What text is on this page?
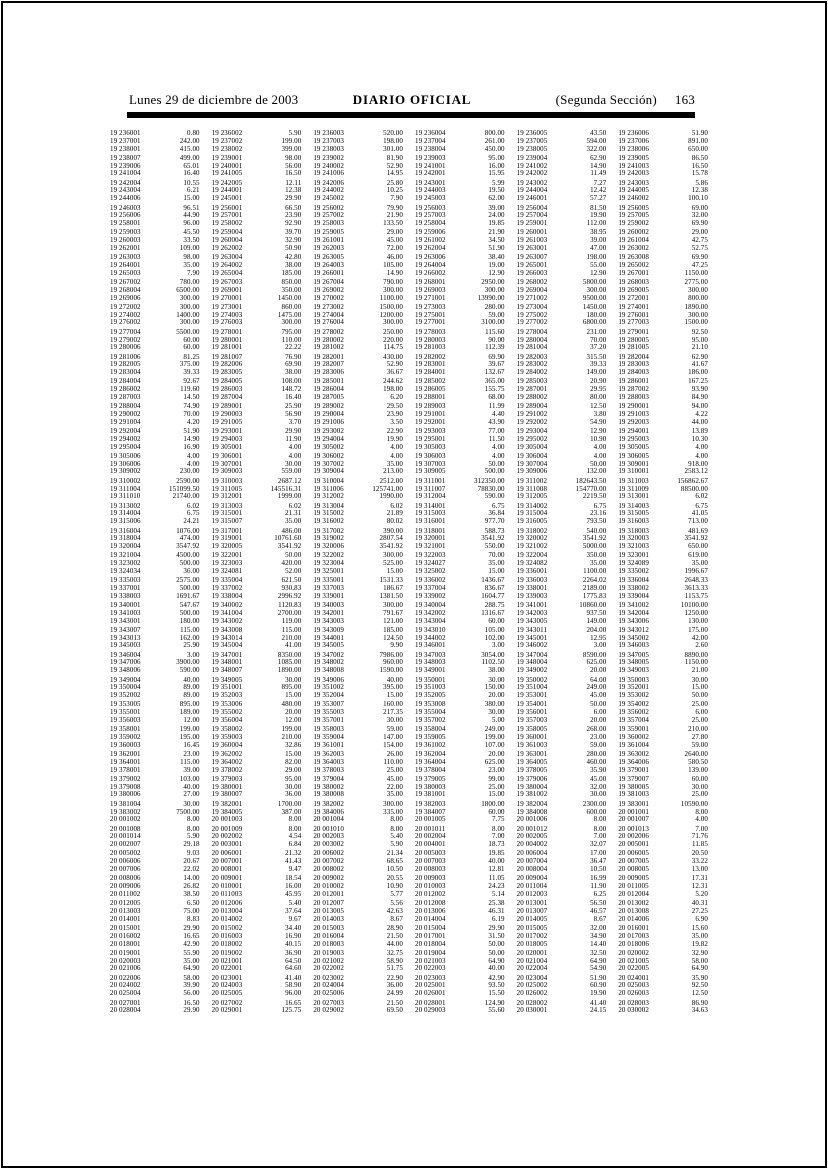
Lunes 29 de diciembre de 2003	DIARIO OFICIAL	(Segunda Sección) 163
19 236001	0.80
19 237001	242.00
19 238001	415.00
19 238007	499.00
19 239006	65.01
19 241004	16.40
19 242004	10.55
19 243004	6.21
19 244006	15.00
19 246003	96.51
19 256006	44.90
19 258001	96.00
19 259003	45.50
19 260003	33.50
19 262001	109.00
19 263003	98.00
19 264001	35.00
19 265003	7.90
19 267002	780.00
19 268004	6500.00
19 269006	300.00
19 272002	300.00
19 274002	1400.00
19 276002	300.00
19 277004	5500.00
19 279002	60.00
19 280006	60.00
19 281006	81.25
19 282005	375.00
19 283004	39.33
19 284004	92.67
19 286002	119.60
19 287003	14.50
19 288004	74.90
19 290002	70.00
19 291004	4.20
19 292004	51.90
19 294002	14.90
19 295004	16.90
19 305006	4.00
19 306006	4.00
19 309002	230.00
19 310002	2590.00
19 311004	151099.50
19 311010	21740.00
19 313002	6.02
19 314004	6.75
19 315006	24.21
19 316004	1076.00
19 318004	474.00
19 320004	3547.92
19 321004	4500.00
19 323002	500.00
19 324034	36.00
19 335003	2575.00
19 337001	500.00
19 338003	1691.67
19 340001	547.67
19 341003	500.00
19 343001	180.00
19 343007	115.00
19 343013	162.00
19 345003	25.90
19 346004	3.00
19 347006	3900.00
19 348006	590.00
19 349004	40.00
19 350004	89.00
19 352002	89.00
19 353005	895.00
19 355001	189.00
19 356003	12.00
19 358001	199.00
19 359002	195.00
19 360003	16.45
19 362001	23.00
19 364001	115.00
19 378001	39.00
19 379002	103.00
19 379008	40.00
19 380006	27.00
19 381004	30.00
19 383002	7500.00
20 001002	8.00
20 001008	8.00
20 001014	5.90
20 002007	29.18
20 005002	9.03
20 006006	20.67
20 007006	22.02
20 008006	14.00
20 009006	26.82
20 011002	38.50
20 012005	6.50
20 013003	75.00
20 014001	8.83
20 015001	29.90
20 016002	16.65
20 018001	42.90
20 019001	55.90
20 020003	35.00
20 021006	64.90
20 022006	58.00
20 024002	39.90
20 025004	56.00
20 027001	16.50
20 028004	29.90
19 236002	5.90
19 237002	199.00
19 238002	399.00
19 239001	98.00
19 240001	56.00
19 241005	16.50
19 242005	12.11
19 244001	12.38
19 245001	29.90
19 256001	66.50
19 257001	23.90
19 258002	92.90
19 259004	39.70
19 260004	32.90
19 262002	50.90
19 263004	42.80
19 264002	38.00
19 265004	185.00
19 267003	850.00
19 269001	350.00
19 270001	1450.00
19 273001	860.00
19 274003	1475.00
19 276003	300.00
19 278001	795.00
19 280001	110.00
19 281001	22.22
19 281007	76.90
19 282006	69.90
19 283005	38.00
19 284005	108.00
19 286003	148.72
19 287004	16.40
19 289001	25.90
19 290003	56.90
19 291005	3.70
19 293001	29.90
19 294003	11.90
19 305001	4.00
19 306001	4.00
19 307001	30.00
19 309003	559.00
19 310003	2687.12
19 311005	145516.31
19 312001	1999.00
19 313003	6.02
19 315001	21.31
19 315007	35.00
19 317001	486.00
19 319001	10761.60
19 320005	3541.92
19 322001	50.00
19 323003	420.00
19 324081	52.00
19 335004	621.50
19 337002	930.83
19 338004	2996.92
19 340002	1120.83
19 341004	2700.00
19 343002	119.00
19 343008	115.00
19 343014	210.00
19 345004	41.00
19 347001	8350.00
19 348001	1085.00
19 348007	1890.00
19 349005	30.00
19 351001	895.00
19 352003	15.00
19 353006	480.00
19 355002	20.00
19 356004	12.00
19 358002	199.00
19 359003	210.00
19 360004	32.86
19 362002	15.00
19 364002	82.00
19 378002	29.00
19 379003	95.00
19 380001	30.00
19 380007	36.00
19 382001	1700.00
19 384005	387.00
20 001003	8.00
20 001009	8.00
20 002002	4.54
20 003001	6.84
20 006001	21.32
20 007001	41.43
20 008001	9.47
20 009001	18.54
20 010001	16.00
20 011003	45.95
20 012006	5.40
20 013004	37.64
20 014002	9.67
20 015002	34.40
20 016003	16.90
20 018002	40.15
20 019002	36.90
20 021001	64.50
20 022001	64.60
20 023001	41.40
20 024003	58.90
20 025005	96.00
20 027002	16.65
20 029001	125.75
19 236003	520.00
19 237003	198.00
19 238003	301.00
19 239002	81.90
19 240002	52.90
19 241006	14.95
19 242006	25.80
19 244002	10.25
19 245002	7.90
19 256002	79.90
19 257002	21.90
19 258003	133.50
19 259005	29.00
19 261001	45.00
19 262003	72.00
19 263005	46.00
19 264003	105.00
19 266001	14.90
19 267004	790.00
19 269002	300.00
19 270002	1100.00
19 273002	1500.00
19 274004	1200.00
19 276004	300.00
19 278002	250.00
19 280002	220.00
19 281002	114.75
19 282001	430.00
19 282007	52.90
19 283006	36.67
19 285001	244.62
19 286004	198.00
19 287005	6.20
19 289002	29.50
19 290004	23.90
19 291006	3.50
19 293002	22.90
19 294004	19.90
19 305002	4.00
19 306002	4.00
19 307002	35.00
19 309004	213.00
19 310004	2512.00
19 311006	125741.00
19 312002	1990.00
19 313004	6.02
19 315002	21.89
19 316002	80.02
19 317002	390.00
19 319002	2807.54
19 320006	3541.92
19 322002	300.00
19 323004	525.00
19 325001	15.00
19 335001	1531.33
19 337003	186.67
19 339001	1381.50
19 340003	300.00
19 342001	791.67
19 343003	121.00
19 343009	185.00
19 344001	124.50
19 345005	9.90
19 347002	7986.00
19 348002	960.00
19 348008	1590.00
19 349006	40.00
19 351002	395.00
19 352004	15.00
19 353007	160.00
19 355003	217.35
19 357001	30.00
19 358003	59.00
19 359004	147.00
19 361001	154.00
19 362003	26.00
19 364003	110.00
19 378003	25.00
19 379004	45.00
19 380002	22.00
19 380008	35.00
19 382002	300.00
19 384006	335.00
20 001004	8.00
20 001010	8.00
20 002003	5.40
20 003002	5.90
20 006002	21.34
20 007002	68.65
20 008002	10.50
20 009002	20.55
20 010002	10.90
20 012001	5.77
20 012007	5.56
20 013005	42.63
20 014003	8.67
20 015003	28.90
20 016004	21.50
20 018003	44.00
20 019003	32.75
20 021002	58.90
20 022002	51.75
20 023002	22.90
20 024004	36.00
20 025006	24.99
20 027003	21.50
20 029002	69.50
19 236004	800.00
19 237004	261.00
19 238004	450.00
19 239003	95.00
19 241001	16.00
19 242001	15.95
19 243001	5.99
19 244003	19.50
19 245003	62.00
19 256003	39.00
19 257003	24.00
19 258004	19.85
19 259006	21.90
19 261002	34.50
19 262004	51.90
19 263006	38.40
19 264004	19.00
19 266002	12.90
19 268001	2950.00
19 269003	300.00
19 271001	13990.00
19 273003	280.00
19 275001	59.00
19 277001	3100.00
19 278003	115.60
19 280003	90.00
19 281003	112.39
19 282002	69.90
19 283001	39.67
19 284001	132.67
19 285002	365.00
19 286005	155.75
19 288001	68.00
19 289003	11.99
19 291001	4.40
19 292001	43.90
19 293003	77.00
19 295001	11.50
19 305003	4.00
19 306003	4.00
19 307003	50.00
19 309005	500.00
19 311001	312350.00
19 311007	78830.00
19 312004	590.00
19 314001	6.75
19 315003	36.84
19 316001	977.70
19 318001	588.73
19 320001	3541.92
19 321001	550.00
19 322003	70.00
19 324027	35.00
19 325002	15.00
19 336002	1436.67
19 337004	836.67
19 339002	1604.77
19 340004	288.75
19 342002	1316.67
19 343004	60.00
19 343010	105.00
19 344002	102.00
19 346001	3.00
19 347003	3054.00
19 348003	1102.50
19 349001	38.00
19 350001	30.00
19 351003	150.00
19 352005	20.00
19 353008	380.00
19 355004	30.00
19 357002	5.00
19 358004	249.00
19 359005	199.00
19 361002	107.00
19 362004	20.00
19 364004	625.00
19 378004	23.00
19 379005	99.00
19 380003	25.00
19 381001	15.00
19 382003	1800.00
19 384007	60.00
20 001005	7.75
20 001011	8.00
20 002004	7.00
20 004001	18.73
20 005003	19.85
20 007003	40.00
20 008003	12.81
20 009003	11.05
20 010003	24.23
20 012002	5.14
20 012008	25.38
20 013006	46.31
20 014004	6.19
20 015004	29.90
20 017001	31.50
20 018004	50.00
20 019004	50.00
20 021003	64.90
20 022003	40.00
20 023003	42.90
20 025001	93.50
20 026001	15.50
20 028001	124.90
20 029003	55.60
19 236005	43.50
19 237005	594.00
19 238005	322.00
19 239004	62.90
19 241002	14.90
19 242002	11.49
19 243002	7.27
19 244004	12.42
19 246001	57.27
19 256004	81.50
19 257004	19.90
19 259001	112.00
19 260001	38.95
19 261003	39.00
19 263001	47.00
19 263007	198.00
19 265001	55.00
19 266003	12.90
19 268002	5800.00
19 269004	300.00
19 271002	9500.00
19 273004	1450.00
19 275002	180.00
19 277002	6800.00
19 278004	231.00
19 280004	70.00
19 281004	37.20
19 282003	315.50
19 283002	39.33
19 284002	149.00
19 285003	20.90
19 287001	29.95
19 288002	80.00
19 289004	12.50
19 291002	3.80
19 292002	54.90
19 293004	12.90
19 295002	10.90
19 305004	4.00
19 306004	4.00
19 307004	50.00
19 309006	132.00
19 311002	182643.50
19 311008	154770.00
19 312005	2219.50
19 314002	6.75
19 315004	23.16
19 316005	793.50
19 318002	540.00
19 320002	3541.92
19 321002	5000.00
19 322004	350.00
19 324082	35.00
19 336001	1100.00
19 336003	2264.02
19 338001	2189.00
19 339003	1775.83
19 341001	10860.00
19 342003	937.50
19 343005	149.00
19 343011	204.00
19 345001	12.95
19 346002	3.00
19 347004	8590.00
19 348004	625.00
19 349002	20.00
19 350002	64.00
19 351004	249.00
19 353001	45.00
19 354001	50.00
19 356001	6.00
19 357003	20.00
19 358005	268.00
19 360001	23.00
19 361003	59.00
19 363001	280.00
19 364005	460.00
19 378005	35.90
19 379006	45.00
19 380004	32.00
19 381002	30.00
19 382004	2300.00
19 384008	600.00
20 001006	8.00
20 001012	8.00
20 002005	7.00
20 004002	32.07
20 006004	17.00
20 007004	36.47
20 008004	10.50
20 009004	16.99
20 011004	11.90
20 012003	6.25
20 013001	56.50
20 013007	46.57
20 014005	8.67
20 015005	32.00
20 017002	34.90
20 018005	14.40
20 020001	32.50
20 021004	64.90
20 022004	54.90
20 023004	51.90
20 025002	60.90
20 026002	19.90
20 028002	41.40
20 030001	24.15
19 236006	51.90
19 237006	891.00
19 238006	650.00
19 239005	86.50
19 241003	16.50
19 242003	15.78
19 243003	5.86
19 244005	12.38
19 246002	100.10
19 256005	69.00
19 257005	32.00
19 259002	69.90
19 260002	29.00
19 261004	42.75
19 263002	52.75
19 263008	69.90
19 265002	47.25
19 267001	1150.00
19 268003	2775.00
19 269005	300.00
19 272001	800.00
19 274001	1890.00
19 276001	300.00
19 277003	1500.00
19 279001	92.50
19 280005	95.00
19 281005	21.10
19 282004	62.90
19 283003	41.67
19 284003	186.00
19 286001	167.25
19 287002	93.90
19 288003	84.90
19 290001	94.00
19 291003	4.22
19 292003	44.00
19 294001	13.89
19 295003	10.30
19 305005	4.00
19 306005	4.00
19 309001	918.00
19 310001	2583.12
19 311003	156862.67
19 311009	88500.00
19 313001	6.02
19 314003	6.75
19 315005	41.05
19 316003	713.00
19 318003	481.69
19 320003	3541.92
19 321003	650.00
19 323001	619.00
19 324089	35.00
19 335002	1996.67
19 336004	2648.33
19 338002	3613.33
19 339004	1153.75
19 341002	10100.00
19 342004	1250.00
19 343006	130.00
19 343012	175.00
19 345002	42.00
19 346003	2.60
19 347005	8890.00
19 348005	1150.00
19 349003	21.00
19 350003	30.00
19 352001	15.00
19 353002	50.00
19 354002	25.00
19 356002	6.00
19 357004	25.00
19 359001	210.00
19 360002	27.80
19 361004	59.00
19 363002	2640.00
19 364006	580.50
19 379001	139.00
19 379007	60.00
19 380005	30.00
19 381003	25.00
19 383001	10590.00
20 001001	8.00
20 001007	4.00
20 001013	7.00
20 002006	71.76
20 005001	11.85
20 006005	20.50
20 007005	33.22
20 008005	13.00
20 009005	17.31
20 011005	12.31
20 012004	5.20
20 013002	40.31
20 013008	27.25
20 014006	6.90
20 016001	15.60
20 017003	35.00
20 018006	19.82
20 020002	32.90
20 021005	58.00
20 022005	64.90
20 024001	35.90
20 025003	92.50
20 026003	12.50
20 028003	86.90
20 030002	34.63
